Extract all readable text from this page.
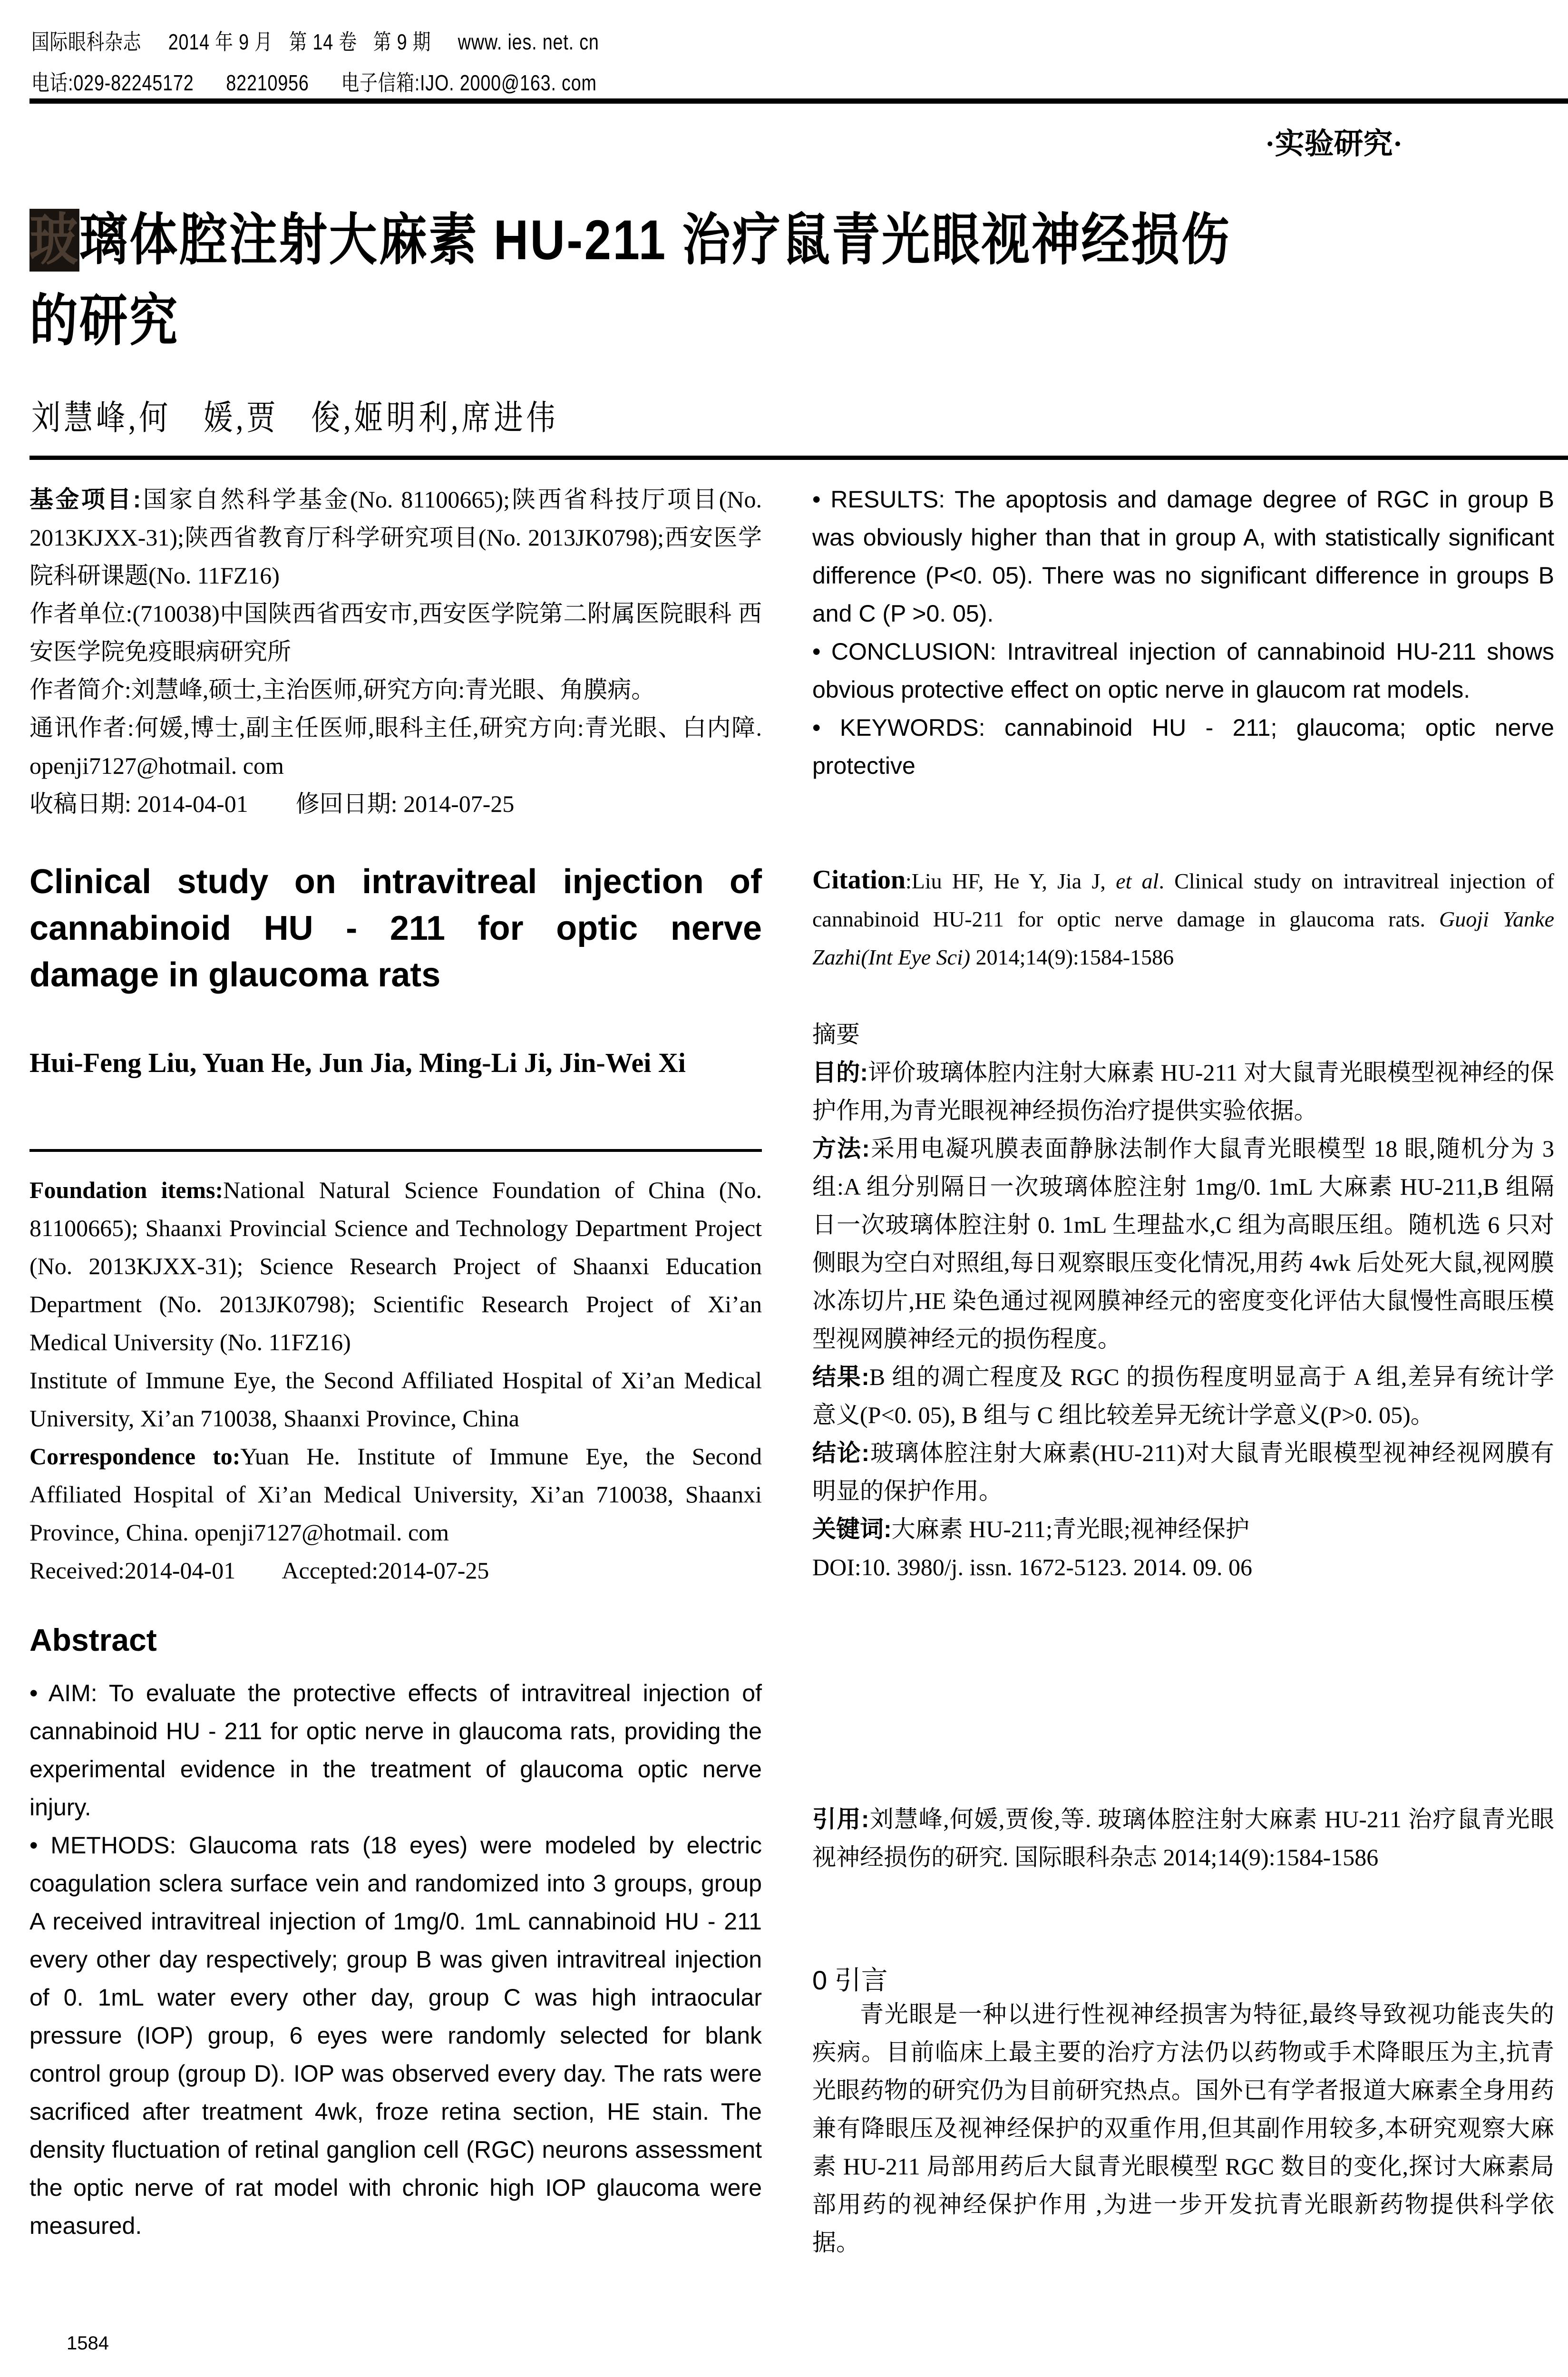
国际眼科杂志 2014 年 9 月   第 14 卷   第 9 期 www. ies. net. cn
电话:029-82245172 82210956 电子信箱:IJO. 2000@163. com
·实验研究·
玻璃体腔注射大麻素 HU-211 治疗鼠青光眼视神经损伤
的研究
刘慧峰,何　媛,贾　俊,姬明利,席进伟

基金项目:国家自然科学基金(No. 81100665);陕西省科技厅项目(No. 2013KJXX-31);陕西省教育厅科学研究项目(No. 2013JK0798);西安医学院科研课题(No. 11FZ16)

作者单位:(710038)中国陕西省西安市,西安医学院第二附属医院眼科 西安医学院免疫眼病研究所

作者简介:刘慧峰,硕士,主治医师,研究方向:青光眼、角膜病。

通讯作者:何媛,博士,副主任医师,眼科主任,研究方向:青光眼、白内障. openji7127@hotmail. com

收稿日期: 2014-04-01 修回日期: 2014-07-25

Clinical study on intravitreal injection of cannabinoid HU - 211 for optic nerve damage in glaucoma rats
Hui-Feng Liu, Yuan He, Jun Jia, Ming-Li Ji, Jin-Wei Xi

Foundation items:National Natural Science Foundation of China (No. 81100665); Shaanxi Provincial Science and Technology Department Project (No. 2013KJXX-31); Science Research Project of Shaanxi Education Department (No. 2013JK0798); Scientific Research Project of Xi’an Medical University (No. 11FZ16)

Institute of Immune Eye, the Second Affiliated Hospital of Xi’an Medical University, Xi’an 710038, Shaanxi Province, China

Correspondence to:Yuan He. Institute of Immune Eye, the Second Affiliated Hospital of Xi’an Medical University, Xi’an 710038, Shaanxi Province, China. openji7127@hotmail. com

Received:2014-04-01 Accepted:2014-07-25

Abstract

• AIM: To evaluate the protective effects of intravitreal injection of cannabinoid HU - 211 for optic nerve in glaucoma rats, providing the experimental evidence in the treatment of glaucoma optic nerve injury.

• METHODS: Glaucoma rats (18 eyes) were modeled by electric coagulation sclera surface vein and randomized into 3 groups, group A received intravitreal injection of 1mg/0. 1mL cannabinoid HU - 211 every other day respectively; group B was given intravitreal injection of 0. 1mL water every other day, group C was high intraocular pressure (IOP) group, 6 eyes were randomly selected for blank control group (group D). IOP was observed every day. The rats were sacrificed after treatment 4wk, froze retina section, HE stain. The density fluctuation of retinal ganglion cell (RGC) neurons assessment the optic nerve of rat model with chronic high IOP glaucoma were measured.

1584

• RESULTS: The apoptosis and damage degree of RGC in group B was obviously higher than that in group A, with statistically significant difference (P<0. 05). There was no significant difference in groups B and C (P >0. 05).

• CONCLUSION: Intravitreal injection of cannabinoid HU-211 shows obvious protective effect on optic nerve in glaucom rat models.

• KEYWORDS: cannabinoid HU - 211; glaucoma; optic nerve protective

Citation:Liu HF, He Y, Jia J, et al. Clinical study on intravitreal injection of cannabinoid HU-211 for optic nerve damage in glaucoma rats. Guoji Yanke Zazhi(Int Eye Sci) 2014;14(9):1584-1586

摘要

目的:评价玻璃体腔内注射大麻素 HU-211 对大鼠青光眼模型视神经的保护作用,为青光眼视神经损伤治疗提供实验依据。

方法:采用电凝巩膜表面静脉法制作大鼠青光眼模型 18 眼,随机分为 3 组:A 组分别隔日一次玻璃体腔注射 1mg/0. 1mL 大麻素 HU-211,B 组隔日一次玻璃体腔注射 0. 1mL 生理盐水,C 组为高眼压组。随机选 6 只对侧眼为空白对照组,每日观察眼压变化情况,用药 4wk 后处死大鼠,视网膜冰冻切片,HE 染色通过视网膜神经元的密度变化评估大鼠慢性高眼压模型视网膜神经元的损伤程度。

结果:B 组的凋亡程度及 RGC 的损伤程度明显高于 A 组,差异有统计学意义(P<0. 05), B 组与 C 组比较差异无统计学意义(P>0. 05)。

结论:玻璃体腔注射大麻素(HU-211)对大鼠青光眼模型视神经视网膜有明显的保护作用。

关键词:大麻素 HU-211;青光眼;视神经保护

DOI:10. 3980/j. issn. 1672-5123. 2014. 09. 06

引用:刘慧峰,何媛,贾俊,等. 玻璃体腔注射大麻素 HU-211 治疗鼠青光眼视神经损伤的研究. 国际眼科杂志 2014;14(9):1584-1586

0 引言
青光眼是一种以进行性视神经损害为特征,最终导致视功能丧失的疾病。目前临床上最主要的治疗方法仍以药物或手术降眼压为主,抗青光眼药物的研究仍为目前研究热点。国外已有学者报道大麻素全身用药兼有降眼压及视神经保护的双重作用,但其副作用较多,本研究观察大麻素 HU-211 局部用药后大鼠青光眼模型 RGC 数目的变化,探讨大麻素局部用药的视神经保护作用 ,为进一步开发抗青光眼新药物提供科学依据。
